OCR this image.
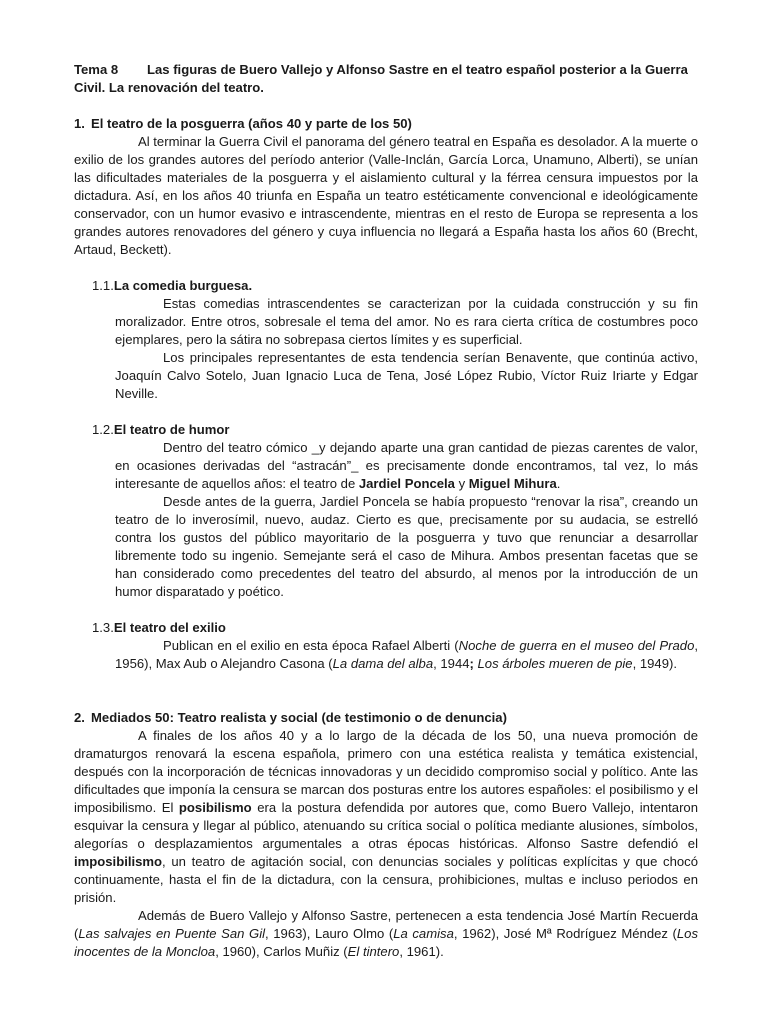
Tema 8 Las figuras de Buero Vallejo y Alfonso Sastre en el teatro español posterior a la Guerra Civil. La renovación del teatro.

1. El teatro de la posguerra (años 40 y parte de los 50)

Al terminar la Guerra Civil el panorama del género teatral en España es desolador. A la muerte o exilio de los grandes autores del período anterior (Valle-Inclán, García Lorca, Unamuno, Alberti), se unían las dificultades materiales de la posguerra y el aislamiento cultural y la férrea censura impuestos por la dictadura. Así, en los años 40 triunfa en España un teatro estéticamente convencional e ideológicamente conservador, con un humor evasivo e intrascendente, mientras en el resto de Europa se representa a los grandes autores renovadores del género y cuya influencia no llegará a España hasta los años 60 (Brecht, Artaud, Beckett).

1.1.La comedia burguesa.

Estas comedias intrascendentes se caracterizan por la cuidada construcción y su fin moralizador. Entre otros, sobresale el tema del amor. No es rara cierta crítica de costumbres poco ejemplares, pero la sátira no sobrepasa ciertos límites y es superficial.

Los principales representantes de esta tendencia serían Benavente, que continúa activo, Joaquín Calvo Sotelo, Juan Ignacio Luca de Tena, José López Rubio, Víctor Ruiz Iriarte y Edgar Neville.

1.2.El teatro de humor

Dentro del teatro cómico _y dejando aparte una gran cantidad de piezas carentes de valor, en ocasiones derivadas del “astracán”_ es precisamente donde encontramos, tal vez, lo más interesante de aquellos años: el teatro de Jardiel Poncela y Miguel Mihura.

Desde antes de la guerra, Jardiel Poncela se había propuesto “renovar la risa”, creando un teatro de lo inverosímil, nuevo, audaz. Cierto es que, precisamente por su audacia, se estrelló contra los gustos del público mayoritario de la posguerra y tuvo que renunciar a desarrollar libremente todo su ingenio. Semejante será el caso de Mihura. Ambos presentan facetas que se han considerado como precedentes del teatro del absurdo, al menos por la introducción de un humor disparatado y poético.

1.3.El teatro del exilio

Publican en el exilio en esta época Rafael Alberti (Noche de guerra en el museo del Prado, 1956), Max Aub o Alejandro Casona (La dama del alba, 1944; Los árboles mueren de pie, 1949).

2. Mediados 50: Teatro realista y social (de testimonio o de denuncia)

A finales de los años 40 y a lo largo de la década de los 50, una nueva promoción de dramaturgos renovará la escena española, primero con una estética realista y temática existencial, después con la incorporación de técnicas innovadoras y un decidido compromiso social y político. Ante las dificultades que imponía la censura se marcan dos posturas entre los autores españoles: el posibilismo y el imposibilismo. El posibilismo era la postura defendida por autores que, como Buero Vallejo, intentaron esquivar la censura y llegar al público, atenuando su crítica social o política mediante alusiones, símbolos, alegorías o desplazamientos argumentales a otras épocas históricas. Alfonso Sastre defendió el imposibilismo, un teatro de agitación social, con denuncias sociales y políticas explícitas y que chocó continuamente, hasta el fin de la dictadura, con la censura, prohibiciones, multas e incluso periodos en prisión.

Además de Buero Vallejo y Alfonso Sastre, pertenecen a esta tendencia José Martín Recuerda (Las salvajes en Puente San Gil, 1963), Lauro Olmo (La camisa, 1962), José Mª Rodríguez Méndez (Los inocentes de la Moncloa, 1960), Carlos Muñiz (El tintero, 1961).
